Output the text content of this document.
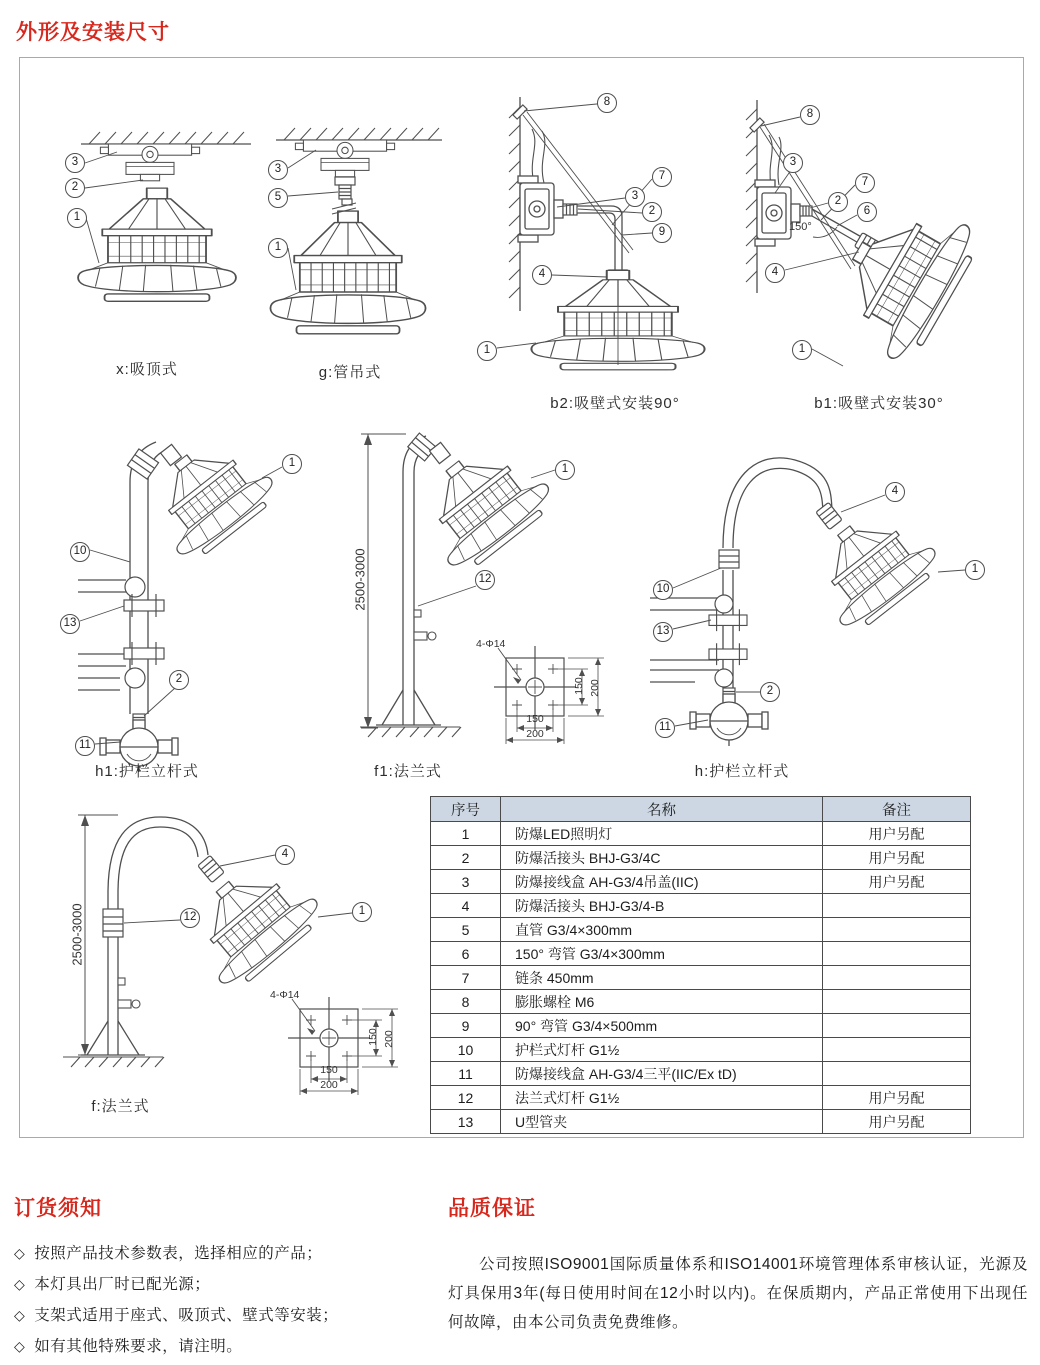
外形及安装尺寸
3
2
1
x:吸顶式
3
5
1
g:管吊式
8
7
3
2
9
4
1
b2:吸壁式安装90°
8
3
7
2
6
4
1
150°
b1:吸壁式安装30°
1
10
13
2
11
h1:护栏立杆式
1
12
2500-3000
4-Φ14
150 200
150
200
f1:法兰式
4
1
10
13
2
11
h:护栏立杆式
4
12	1
2500-3000
4-Φ14
150 200
150
200
f:法兰式
序号	名称	备注
1	防爆LED照明灯	用户另配
2	防爆活接头 BHJ-G3/4C	用户另配
3	防爆接线盒 AH-G3/4吊盖(IIC)	用户另配
4	防爆活接头 BHJ-G3/4-B	
5	直管 G3/4×300mm	
6	150° 弯管 G3/4×300mm	
7	链条 450mm	
8	膨胀螺栓 M6	
9	90° 弯管 G3/4×500mm	
10	护栏式灯杆 G1½	
11	防爆接线盒 AH-G3/4三平(IIC/Ex tD)	
12	法兰式灯杆 G1½	用户另配
13	U型管夹	用户另配
订货须知
◇ 按照产品技术参数表，选择相应的产品；
◇ 本灯具出厂时已配光源；
◇ 支架式适用于座式、吸顶式、壁式等安装；
◇ 如有其他特殊要求，请注明。
品质保证

公司按照ISO9001国际质量体系和ISO14001环境管理体系审核认证，光源及灯具保用3年(每日使用时间在12小时以内)。在保质期内，产品正常使用下出现任何故障，由本公司负责免费维修。
